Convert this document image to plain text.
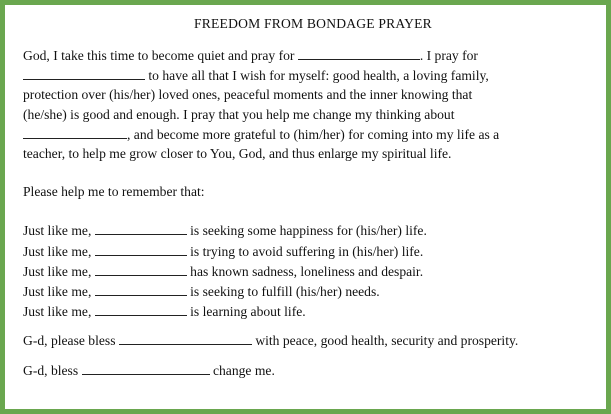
FREEDOM FROM BONDAGE PRAYER

God, I take this time to become quiet and pray for	. I pray for

to have all that I wish for myself: good health, a loving family,

protection over (his/her) loved ones, peaceful moments and the inner knowing that

(he/she) is good and enough. I pray that you help me change my thinking about

, and become more grateful to (him/her) for coming into my life as a

teacher, to help me grow closer to You, God, and thus enlarge my spiritual life.

Please help me to remember that:

Just like me,	is seeking some happiness for (his/her) life.

Just like me,	is trying to avoid suffering in (his/her) life.

Just like me,	has known sadness, loneliness and despair.

Just like me,	is seeking to fulfill (his/her) needs.

Just like me,	is learning about life.

G-d, please bless	with peace, good health, security and prosperity.

G-d, bless	change me.
